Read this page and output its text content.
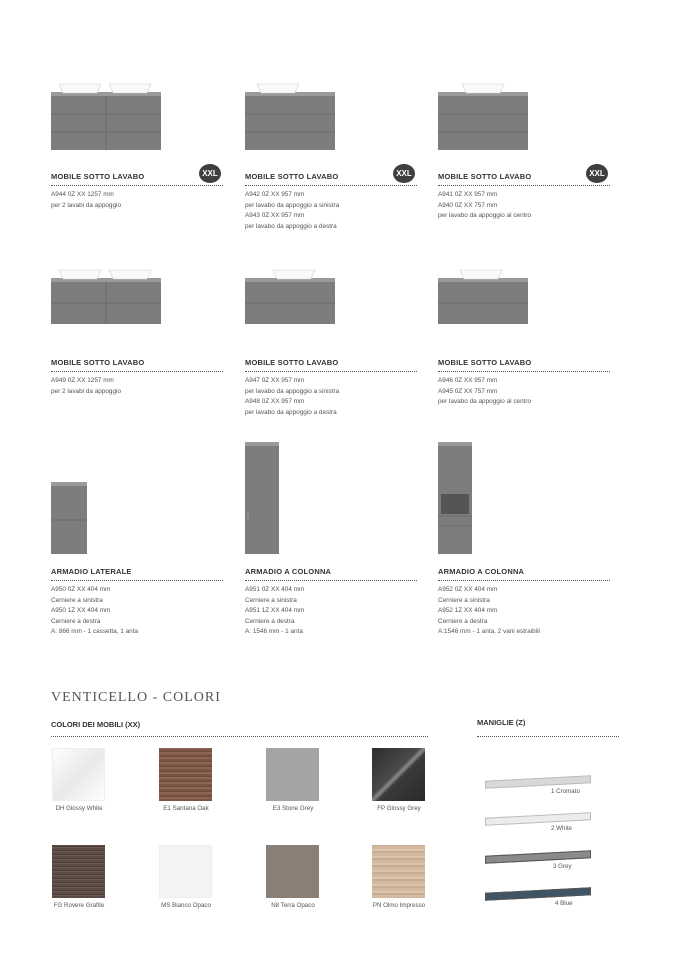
XXL
MOBILE SOTTO LAVABO
A944 0Z XX 1257 mm
per 2 lavabi da appoggio
XXL
MOBILE SOTTO LAVABO
A942 0Z XX 957 mm
per lavabo da appoggio a sinistra
A943 0Z XX 957 mm
per lavabo da appoggio a destra
XXL
MOBILE SOTTO LAVABO
A941 0Z XX 957 mm
A940 0Z XX 757 mm
per lavabo da appoggio al centro
MOBILE SOTTO LAVABO
A949 0Z XX 1257 mm
per 2 lavabi da appoggio
MOBILE SOTTO LAVABO
A947 0Z XX 957 mm
per lavabo da appoggio a sinistra
A948 0Z XX 957 mm
per lavabo da appoggio a destra
MOBILE SOTTO LAVABO
A946 0Z XX 957 mm
A945 0Z XX 757 mm
per lavabo da appoggio al centro
ARMADIO LATERALE
A950 0Z XX 404 mm
Cerniere a sinistra
A950 1Z XX 404 mm
Cerniere a destra
A: 866 mm - 1 cassetta, 1 anta
ARMADIO A COLONNA
A951 0Z XX 404 mm
Cerniere a sinistra
A951 1Z XX 404 mm
Cerniere a destra
A: 1546 mm - 1 anta
ARMADIO A COLONNA
A952 0Z XX 404 mm
Cerniere a sinistra
A952 1Z XX 404 mm
Cerniere a destra
A:1546 mm - 1 anta, 2 vani estraibili
VENTICELLO - COLORI
COLORI DEI MOBILI (XX)	MANIGLIE (Z)
DH Glossy White	E1 Santana Oak	E3 Stone Grey	FP Glossy Grey
FG Rovere Grafite	MS Bianco Opaco	N8 Terra Opaco	PN Olmo Impresso
1 Cromato
2 White
3 Grey
4 Blue
